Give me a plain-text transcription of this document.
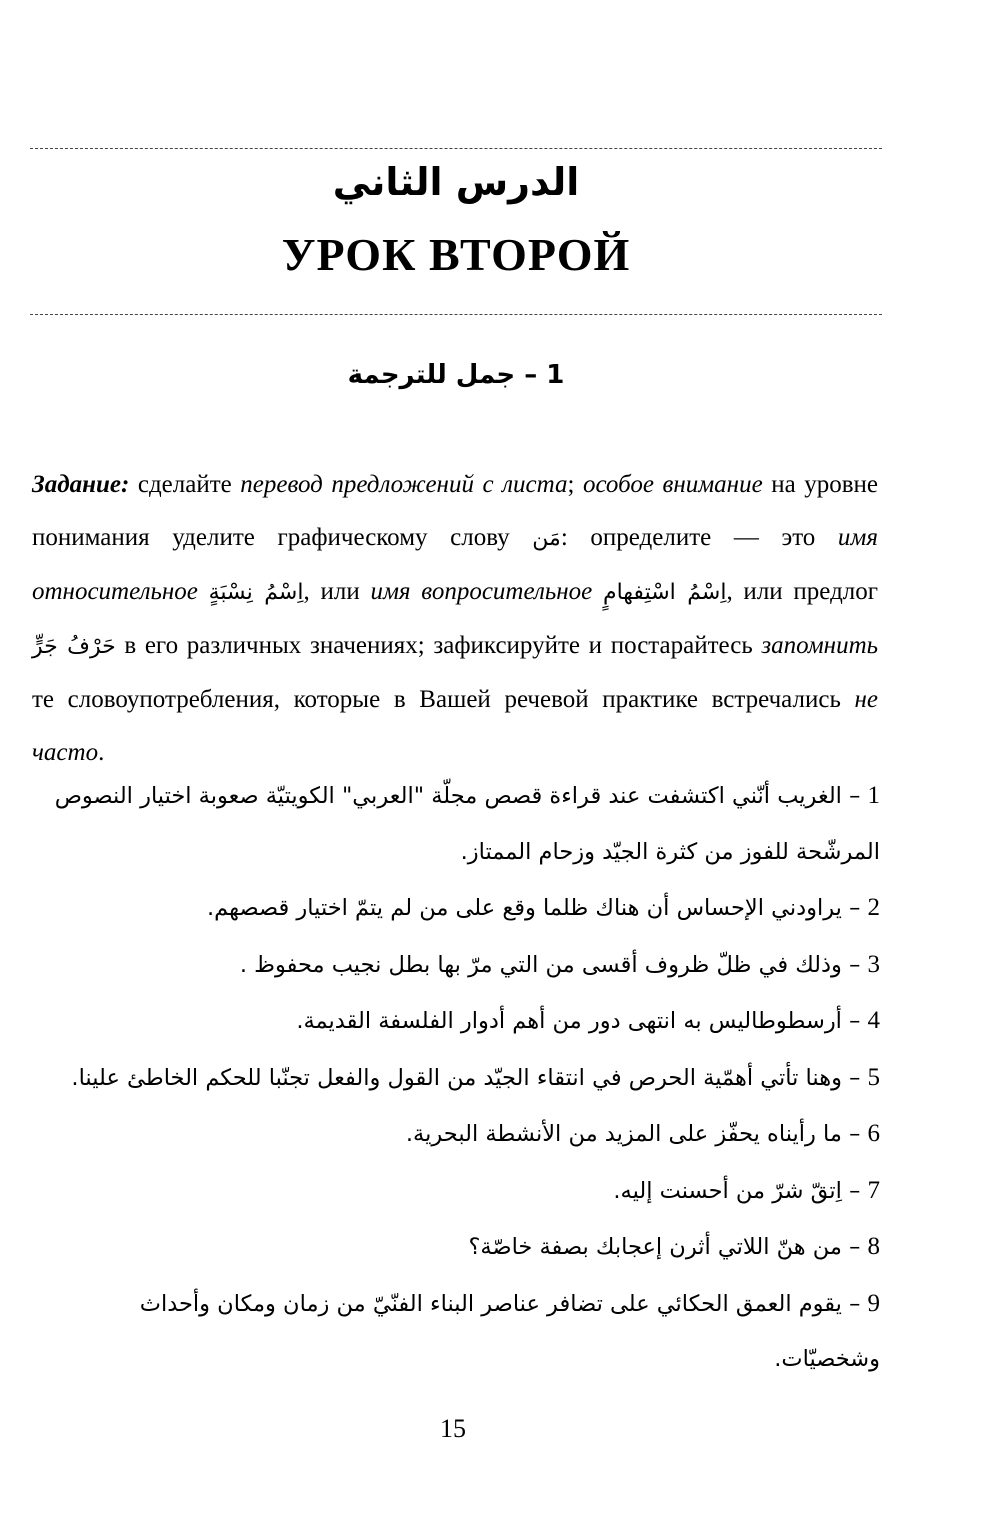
الدرس الثاني
УРОК ВТОРОЙ
1 – جمل للترجمة

Задание: сделайте перевод предложений с листа; особое внимание на уровне понимания уделите графическому слову مَن: определите — это имя относительное اِسْمُ نِسْبَةٍ, или имя вопросительное اِسْمُ اسْتِفهامٍ, или предлог حَرْفُ جَرٍّ в его различных значениях; зафиксируйте и постарайтесь запомнить те словоупотребления, которые в Вашей речевой практике встречались не часто.

1 – الغريب أنّني اكتشفت عند قراءة قصص مجلّة "العربي" الكويتيّة صعوبة اختيار النصوص المرشّحة للفوز من كثرة الجيّد وزحام الممتاز.
2 – يراودني الإحساس أن هناك ظلما وقع على من لم يتمّ اختيار قصصهم.
3 – وذلك في ظلّ ظروف أقسى من التي مرّ بها بطل نجيب محفوظ .
4 – أرسطوطاليس به انتهى دور من أهم أدوار الفلسفة القديمة.
5 – وهنا تأتي أهمّية الحرص في انتقاء الجيّد من القول والفعل تجنّبا للحكم الخاطئ علينا.
6 – ما رأيناه يحفّز على المزيد من الأنشطة البحرية.
7 – اِتقّ شرّ من أحسنت إليه.
8 – من هنّ اللاتي أثرن إعجابك بصفة خاصّة؟
9 – يقوم العمق الحكائي على تضافر عناصر البناء الفنّيّ من زمان ومكان وأحداث وشخصيّات.
15
